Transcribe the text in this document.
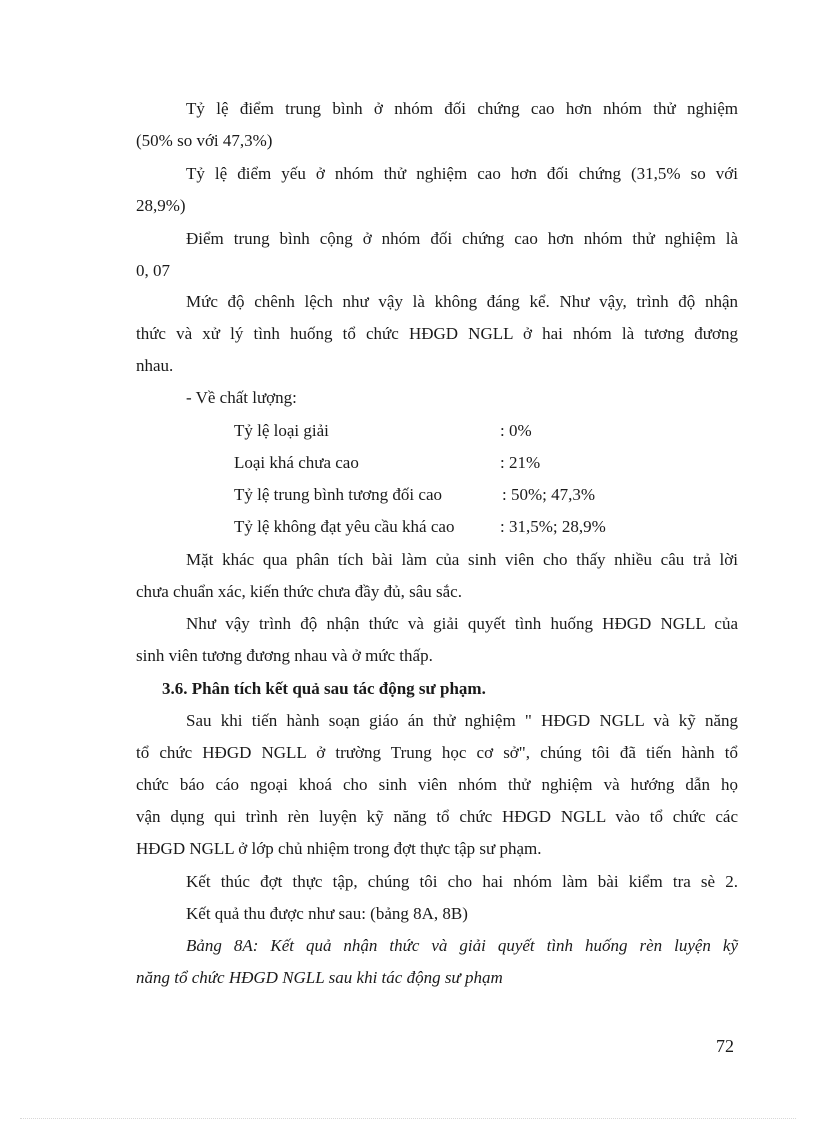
Tỷ lệ điểm trung bình ở nhóm đối chứng cao hơn nhóm thử nghiệm
(50% so với 47,3%)
Tỷ lệ điểm yếu ở nhóm thử nghiệm cao hơn đối chứng (31,5% so với
28,9%)
Điểm trung bình cộng ở nhóm đối chứng cao hơn nhóm thử nghiệm là
0, 07
Mức độ chênh lệch như vậy là không đáng kể. Như vậy, trình độ nhận
thức và xử lý tình huống tổ chức HĐGD NGLL ở hai nhóm là tương đương
nhau.
- Về chất lượng:
Tỷ lệ loại giải	: 0%
Loại khá chưa cao	: 21%
Tỷ lệ trung bình tương đối cao	: 50%; 47,3%
Tỷ lệ không đạt yêu cầu khá cao	: 31,5%; 28,9%
Mặt khác qua phân tích bài làm của sinh viên cho thấy nhiều câu trả lời
chưa chuẩn xác, kiến thức chưa đầy đủ, sâu sắc.
Như vậy trình độ nhận thức và giải quyết tình huống HĐGD NGLL của
sinh viên tương đương nhau và ở mức thấp.
3.6. Phân tích kết quả sau tác động sư phạm.
Sau khi tiến hành soạn giáo án thử nghiệm " HĐGD NGLL và kỹ năng
tổ chức HĐGD NGLL ở trường Trung học cơ sở", chúng tôi đã tiến hành tổ
chức báo cáo ngoại khoá cho sinh viên nhóm thử nghiệm và hướng dẫn họ
vận dụng qui trình rèn luyện kỹ năng tổ chức HĐGD NGLL vào tổ chức các
HĐGD NGLL ở lớp chủ nhiệm trong đợt thực tập sư phạm.
Kết thúc đợt thực tập, chúng tôi cho hai nhóm làm bài kiểm tra sè 2.
Kết quả thu được như sau: (bảng 8A, 8B)
Bảng 8A: Kết quả nhận thức và giải quyết tình huống rèn luyện kỹ
năng tổ chức HĐGD NGLL sau khi tác động sư phạm
72
